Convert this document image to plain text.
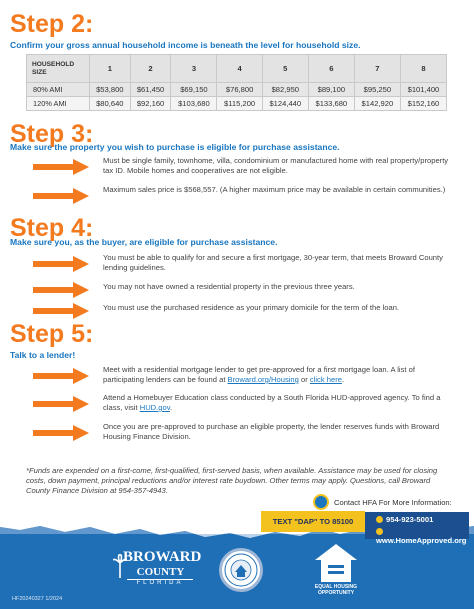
Step 2:
Confirm your gross annual household income is beneath the level for household size.
HOUSEHOLD
SIZE	1	2	3	4	5	6	7	8
80% AMI	$53,800	$61,450	$69,150	$76,800	$82,950	$89,100	$95,250	$101,400
120% AMI	$80,640	$92,160	$103,680	$115,200	$124,440	$133,680	$142,920	$152,160
Step 3:
Make sure the property you wish to purchase is eligible for purchase assistance.
Must be single family, townhome, villa, condominium or manufactured home with real property/property tax ID. Mobile homes and cooperatives are not eligible.
Maximum sales price is $568,557. (A higher maximum price may be available in certain communities.)
Step 4:
Make sure you, as the buyer, are eligible for purchase assistance.
You must be able to qualify for and secure a first mortgage, 30-year term, that meets Broward County lending guidelines.
You may not have owned a residential property in the previous three years.
You must use the purchased residence as your primary domicile for the term of the loan.
Step 5:
Talk to a lender!
Meet with a residential mortgage lender to get pre-approved for a first mortgage loan. A list of participating lenders can be found at Broward.org/Housing or click here.
Attend a Homebuyer Education class conducted by a South Florida HUD-approved agency. To find a class, visit HUD.gov.
Once you are pre-approved to purchase an eligible property, the lender reserves funds with Broward Housing Finance Division.
*Funds are expended on a first-come, first-qualified, first-served basis, when available. Assistance may be used for closing costs, down payment, principal reductions and/or interest rate buydown. Other terms may apply. Questions, call Broward County Finance Division at 954-357-4943.
Contact HFA For More Information:
TEXT "DAP" TO 85100	954-923-5001
www.HomeApproved.org
BROWARD
COUNTY
FLORIDA
EQUAL HOUSING OPPORTUNITY
HF20240327 1/2024
